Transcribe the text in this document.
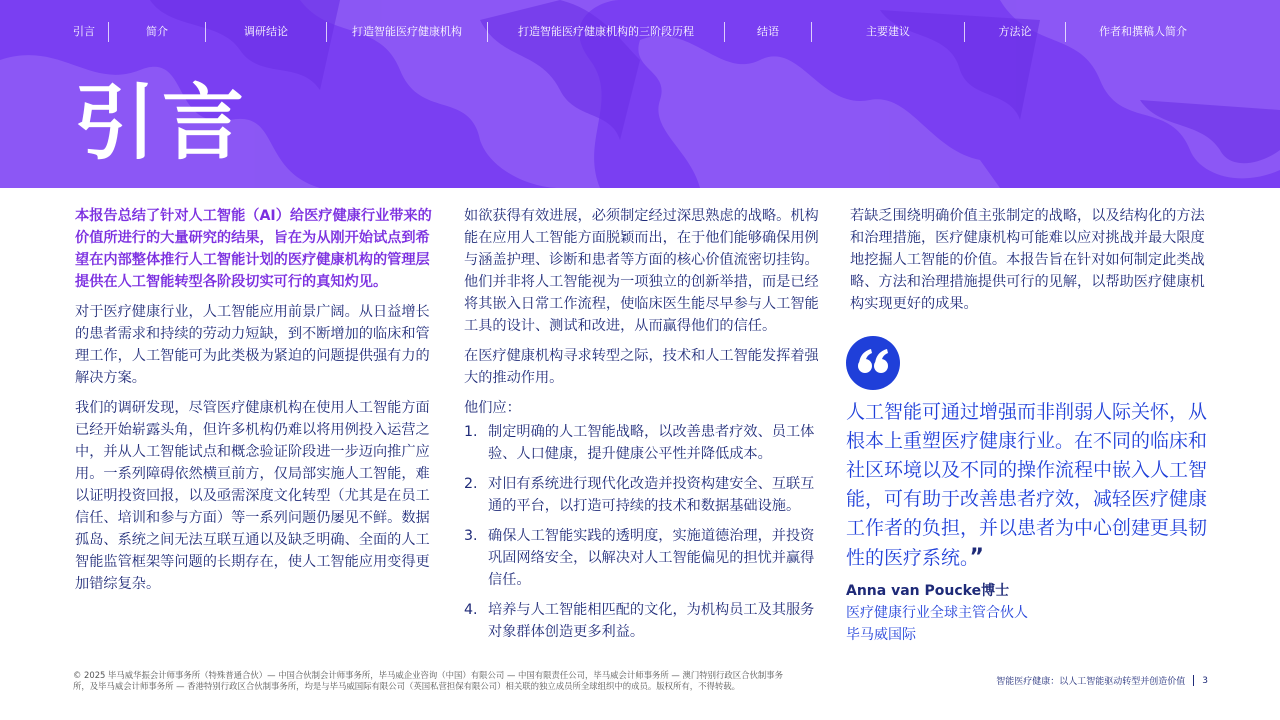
引言	简介	调研结论	打造智能医疗健康机构	打造智能医疗健康机构的三阶段历程	结语	主要建议	方法论	作者和撰稿人简介
引言

本报告总结了针对人工智能（AI）给医疗健康行业带来的价值所进行的大量研究的结果，旨在为从刚开始试点到希望在内部整体推行人工智能计划的医疗健康机构的管理层提供在人工智能转型各阶段切实可行的真知灼见。

对于医疗健康行业，人工智能应用前景广阔。从日益增长的患者需求和持续的劳动力短缺，到不断增加的临床和管理工作，人工智能可为此类极为紧迫的问题提供强有力的解决方案。

我们的调研发现，尽管医疗健康机构在使用人工智能方面已经开始崭露头角，但许多机构仍难以将用例投入运营之中，并从人工智能试点和概念验证阶段进一步迈向推广应用。一系列障碍依然横亘前方，仅局部实施人工智能，难以证明投资回报，以及亟需深度文化转型（尤其是在员工信任、培训和参与方面）等一系列问题仍屡见不鲜。数据孤岛、系统之间无法互联互通以及缺乏明确、全面的人工智能监管框架等问题的长期存在，使人工智能应用变得更加错综复杂。

如欲获得有效进展，必须制定经过深思熟虑的战略。机构能在应用人工智能方面脱颖而出，在于他们能够确保用例与涵盖护理、诊断和患者等方面的核心价值流密切挂钩。他们并非将人工智能视为一项独立的创新举措，而是已经将其嵌入日常工作流程，使临床医生能尽早参与人工智能工具的设计、测试和改进，从而赢得他们的信任。

在医疗健康机构寻求转型之际，技术和人工智能发挥着强大的推动作用。

他们应：

1. 制定明确的人工智能战略，以改善患者疗效、员工体验、人口健康，提升健康公平性并降低成本。
2. 对旧有系统进行现代化改造并投资构建安全、互联互通的平台，以打造可持续的技术和数据基础设施。
3. 确保人工智能实践的透明度，实施道德治理，并投资巩固网络安全，以解决对人工智能偏见的担忧并赢得信任。
4. 培养与人工智能相匹配的文化，为机构员工及其服务对象群体创造更多利益。

若缺乏围绕明确价值主张制定的战略，以及结构化的方法和治理措施，医疗健康机构可能难以应对挑战并最大限度地挖掘人工智能的价值。本报告旨在针对如何制定此类战略、方法和治理措施提供可行的见解，以帮助医疗健康机构实现更好的成果。

人工智能可通过增强而非削弱人际关怀，从根本上重塑医疗健康行业。在不同的临床和社区环境以及不同的操作流程中嵌入人工智能，可有助于改善患者疗效，减轻医疗健康工作者的负担，并以患者为中心创建更具韧性的医疗系统。”
Anna van Poucke博士
医疗健康行业全球主管合伙人
毕马威国际
© 2025 毕马威华振会计师事务所（特殊普通合伙）— 中国合伙制会计师事务所，毕马威企业咨询（中国）有限公司 — 中国有限责任公司，毕马威会计师事务所 — 澳门特别行政区合伙制事务所，及毕马威会计师事务所 — 香港特别行政区合伙制事务所，均是与毕马威国际有限公司（英国私营担保有限公司）相关联的独立成员所全球组织中的成员。版权所有，不得转载。	智能医疗健康：以人工智能驱动转型并创造价值 3
